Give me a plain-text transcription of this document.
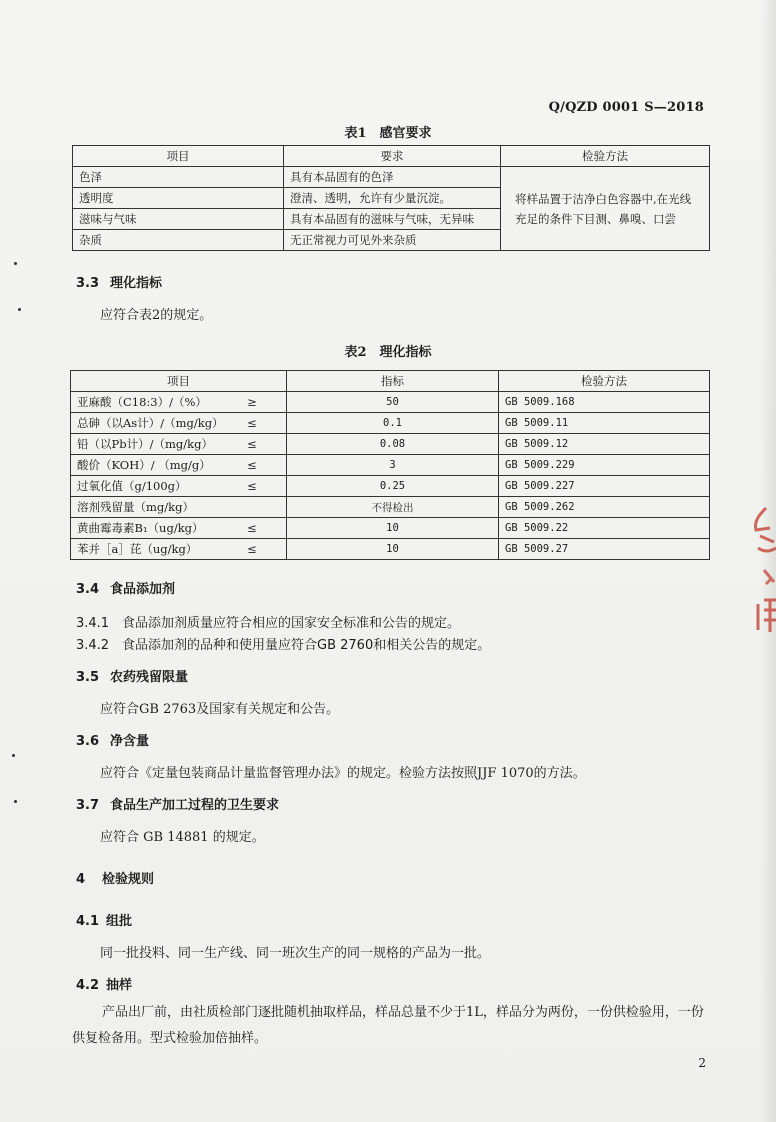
Q/QZD 0001 S—2018
表1　感官要求
项目	要求	检验方法
色泽	具有本品固有的色泽	将样品置于洁净白色容器中,在光线充足的条件下目测、鼻嗅、口尝
透明度	澄清、透明，允许有少量沉淀。	
滋味与气味	具有本品固有的滋味与气味，无异味	
杂质	无正常视力可见外来杂质	
3.3 理化指标
应符合表2的规定。
表2　理化指标
项目	指标	检验方法
亚麻酸（C18:3）/（%） ≥	50	GB 5009.168
总砷（以As计）/（mg/kg） ≤	0.1	GB 5009.11
铅（以Pb计）/（mg/kg） ≤	0.08	GB 5009.12
酸价（KOH）/ （mg/g） ≤	3	GB 5009.229
过氧化值（g/100g） ≤	0.25	GB 5009.227
溶剂残留量（mg/kg）	不得检出	GB 5009.262
黄曲霉毒素B₁（ug/kg） ≤	10	GB 5009.22
苯并［a］芘（ug/kg） ≤	10	GB 5009.27
3.4 食品添加剂
3.4.1 食品添加剂质量应符合相应的国家安全标准和公告的规定。
3.4.2 食品添加剂的品种和使用量应符合GB 2760和相关公告的规定。
3.5 农药残留限量
应符合GB 2763及国家有关规定和公告。
3.6 净含量
应符合《定量包装商品计量监督管理办法》的规定。检验方法按照JJF 1070的方法。
3.7 食品生产加工过程的卫生要求
应符合 GB 14881 的规定。
4 检验规则
4.1 组批
同一批投料、同一生产线、同一班次生产的同一规格的产品为一批。
4.2 抽样
产品出厂前，由社质检部门逐批随机抽取样品，样品总量不少于1L，样品分为两份，一份供检验用，一份供复检备用。型式检验加倍抽样。
2
